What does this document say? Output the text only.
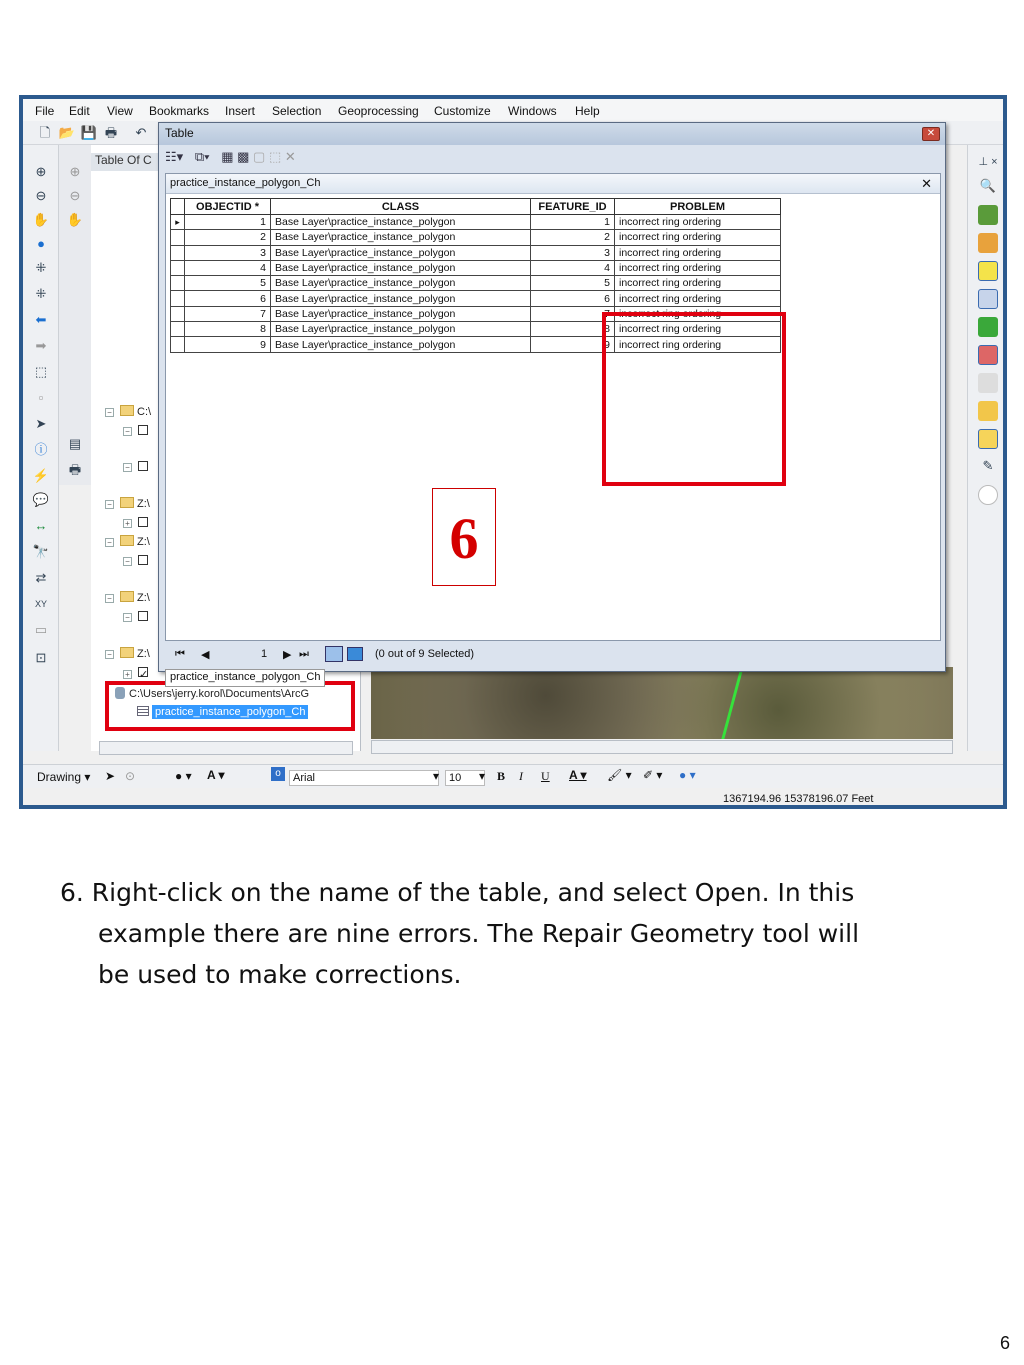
File Edit View Bookmarks Insert Selection Geoprocessing Customize Windows Help
🗋 📂 💾 🖶	↶
⊕
⊖
✋
●
⁜
⁜
⬅
➡
⬚
▫
➤
ⓘ
⚡
💬
↔
🔭
⇄
XY
▭
⊡
⊕
⊖
✋
▤
🖶
Table Of C
− C:\
−
−
− Z:\
+
− Z:\
−
− Z:\
−
− Z:\
+ ✓
C:\Users\jerry.korol\Documents\ArcG
practice_instance_polygon_Ch
⊥ ×
🔍
✎
Table	✕
☷▾ ⧉▾ ▦ ▩ ▢ ⬚ ✕
practice_instance_polygon_Ch	✕
	OBJECTID *	CLASS	FEATURE_ID	PROBLEM
▸	1	Base Layer\practice_instance_polygon	1	incorrect ring ordering
	2	Base Layer\practice_instance_polygon	2	incorrect ring ordering
	3	Base Layer\practice_instance_polygon	3	incorrect ring ordering
	4	Base Layer\practice_instance_polygon	4	incorrect ring ordering
	5	Base Layer\practice_instance_polygon	5	incorrect ring ordering
	6	Base Layer\practice_instance_polygon	6	incorrect ring ordering
	7	Base Layer\practice_instance_polygon	7	incorrect ring ordering
	8	Base Layer\practice_instance_polygon	8	incorrect ring ordering
	9	Base Layer\practice_instance_polygon	9	incorrect ring ordering
⏮ ◀	1 ▶ ⏭	(0 out of 9 Selected)
practice_instance_polygon_Ch
Drawing ▾ ➤ ⊙	● ▾ A ▾	o	Arial	▾ 10	▾ B I U A ▾ 🖌 ▾ ✐ ▾ ● ▾
1367194.96 15378196.07 Feet
6
6. Right-click on the name of the table, and select Open. In this
example there are nine errors. The Repair Geometry tool will
be used to make corrections.
6
